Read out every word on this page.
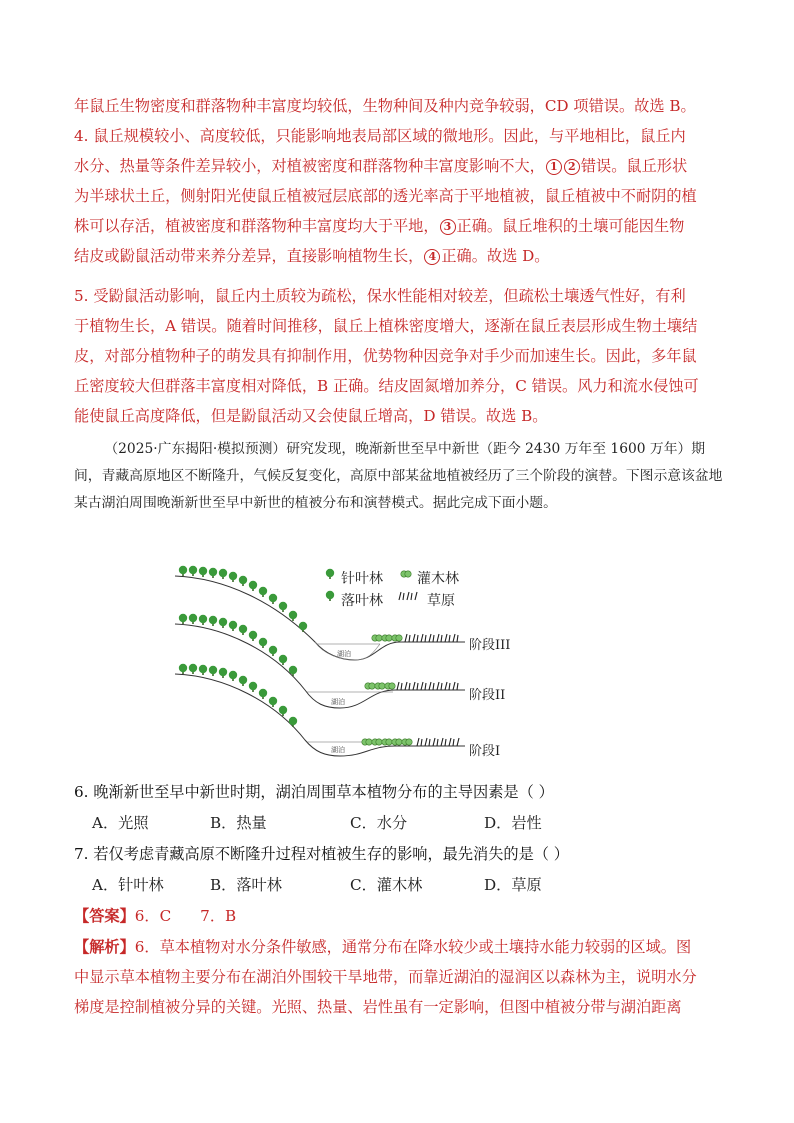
年鼠丘生物密度和群落物种丰富度均较低，生物种间及种内竞争较弱，CD 项错误。故选 B。
4. 鼠丘规模较小、高度较低，只能影响地表局部区域的微地形。因此，与平地相比，鼠丘内
水分、热量等条件差异较小，对植被密度和群落物种丰富度影响不大， 1 2 错误。鼠丘形状
为半球状土丘，侧射阳光使鼠丘植被冠层底部的透光率高于平地植被，鼠丘植被中不耐阴的植
株可以存活，植被密度和群落物种丰富度均大于平地， 3 正确。鼠丘堆积的土壤可能因生物
结皮或鼢鼠活动带来养分差异，直接影响植物生长， 4 正确。故选 D。
5. 受鼢鼠活动影响，鼠丘内土质较为疏松，保水性能相对较差，但疏松土壤透气性好，有利
于植物生长，A 错误。随着时间推移，鼠丘上植株密度增大，逐渐在鼠丘表层形成生物土壤结
皮，对部分植物种子的萌发具有抑制作用，优势物种因竞争对手少而加速生长。因此，多年鼠
丘密度较大但群落丰富度相对降低，B 正确。结皮固氮增加养分，C 错误。风力和流水侵蚀可
能使鼠丘高度降低，但是鼢鼠活动又会使鼠丘增高，D 错误。故选 B。
（2025·广东揭阳·模拟预测）研究发现，晚渐新世至早中新世（距今 2430 万年至 1600 万年）期间，青藏高原地区不断隆升，气候反复变化，高原中部某盆地植被经历了三个阶段的演替。下图示意该盆地某古湖泊周围晚渐新世至早中新世的植被分布和演替模式。据此完成下面小题。
湖泊
湖泊
湖泊
针叶林 灌木林
落叶林	草原
阶段III
阶段II
阶段I
6. 晚渐新世至早中新世时期，湖泊周围草本植物分布的主导因素是（ ）
A．光照	B．热量	C．水分	D．岩性
7. 若仅考虑青藏高原不断隆升过程对植被生存的影响，最先消失的是（ ）
A．针叶林	B．落叶林	C．灌木林	D．草原
【答案】6．C      7．B
【解析】6．草本植物对水分条件敏感，通常分布在降水较少或土壤持水能力较弱的区域。图
中显示草本植物主要分布在湖泊外围较干旱地带，而靠近湖泊的湿润区以森林为主，说明水分
梯度是控制植被分异的关键。光照、热量、岩性虽有一定影响，但图中植被分带与湖泊距离
